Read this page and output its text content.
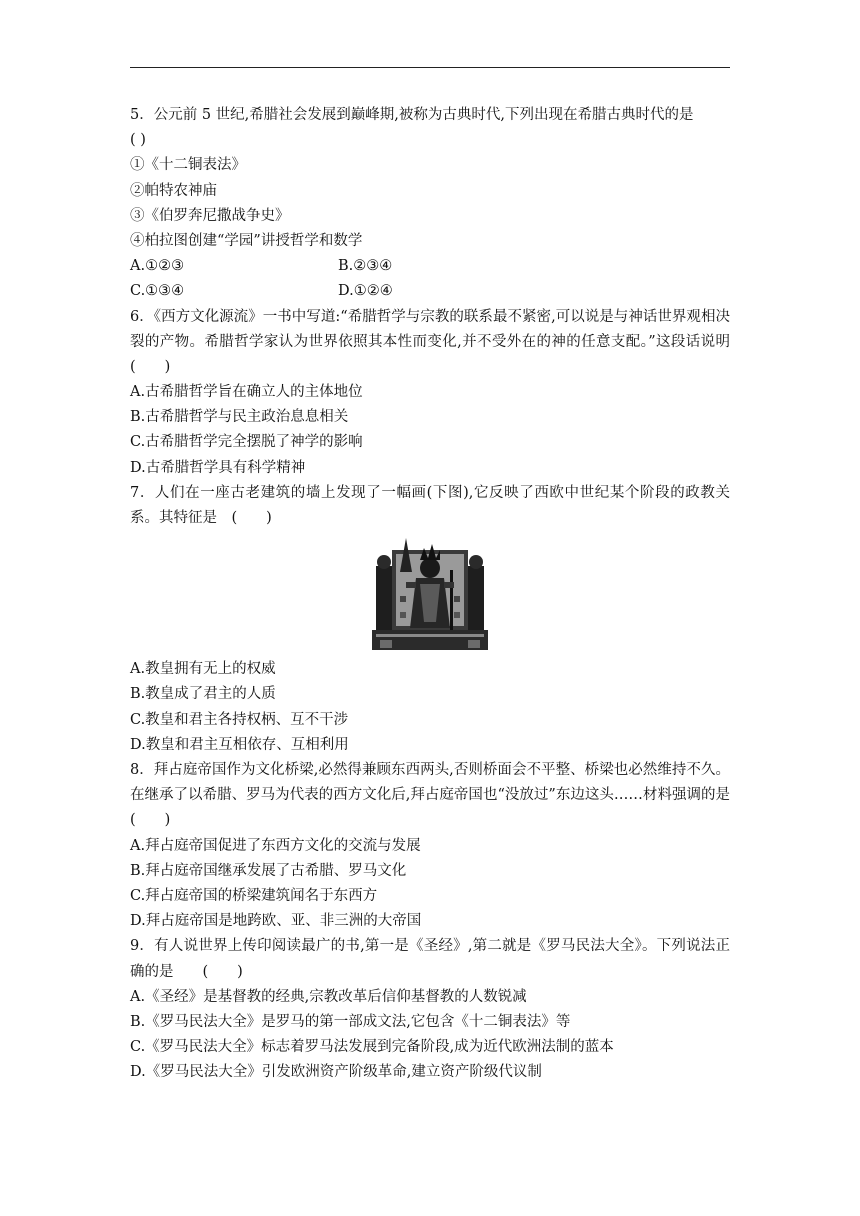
5．公元前 5 世纪,希腊社会发展到巅峰期,被称为古典时代,下列出现在希腊古典时代的是
( )
①《十二铜表法》
②帕特农神庙
③《伯罗奔尼撒战争史》
④柏拉图创建“学园”讲授哲学和数学
A.①②③	B.②③④
C.①③④	D.①②④
6．《西方文化源流》一书中写道:“希腊哲学与宗教的联系最不紧密,可以说是与神话世界观相决裂的产物。希腊哲学家认为世界依照其本性而变化,并不受外在的神的任意支配。”这段话说明　　(　　)
A.古希腊哲学旨在确立人的主体地位
B.古希腊哲学与民主政治息息相关
C.古希腊哲学完全摆脱了神学的影响
D.古希腊哲学具有科学精神
7．人们在一座古老建筑的墙上发现了一幅画(下图),它反映了西欧中世纪某个阶段的政教关系。其特征是　(　　)
A.教皇拥有无上的权威
B.教皇成了君主的人质
C.教皇和君主各持权柄、互不干涉
D.教皇和君主互相依存、互相利用
8．拜占庭帝国作为文化桥梁,必然得兼顾东西两头,否则桥面会不平整、桥梁也必然维持不久。在继承了以希腊、罗马为代表的西方文化后,拜占庭帝国也“没放过”东边这头……材料强调的是　　(　　)
A.拜占庭帝国促进了东西方文化的交流与发展
B.拜占庭帝国继承发展了古希腊、罗马文化
C.拜占庭帝国的桥梁建筑闻名于东西方
D.拜占庭帝国是地跨欧、亚、非三洲的大帝国
9．有人说世界上传印阅读最广的书,第一是《圣经》,第二就是《罗马民法大全》。下列说法正确的是　　(　　)
A.《圣经》是基督教的经典,宗教改革后信仰基督教的人数锐减
B.《罗马民法大全》是罗马的第一部成文法,它包含《十二铜表法》等
C.《罗马民法大全》标志着罗马法发展到完备阶段,成为近代欧洲法制的蓝本
D.《罗马民法大全》引发欧洲资产阶级革命,建立资产阶级代议制
